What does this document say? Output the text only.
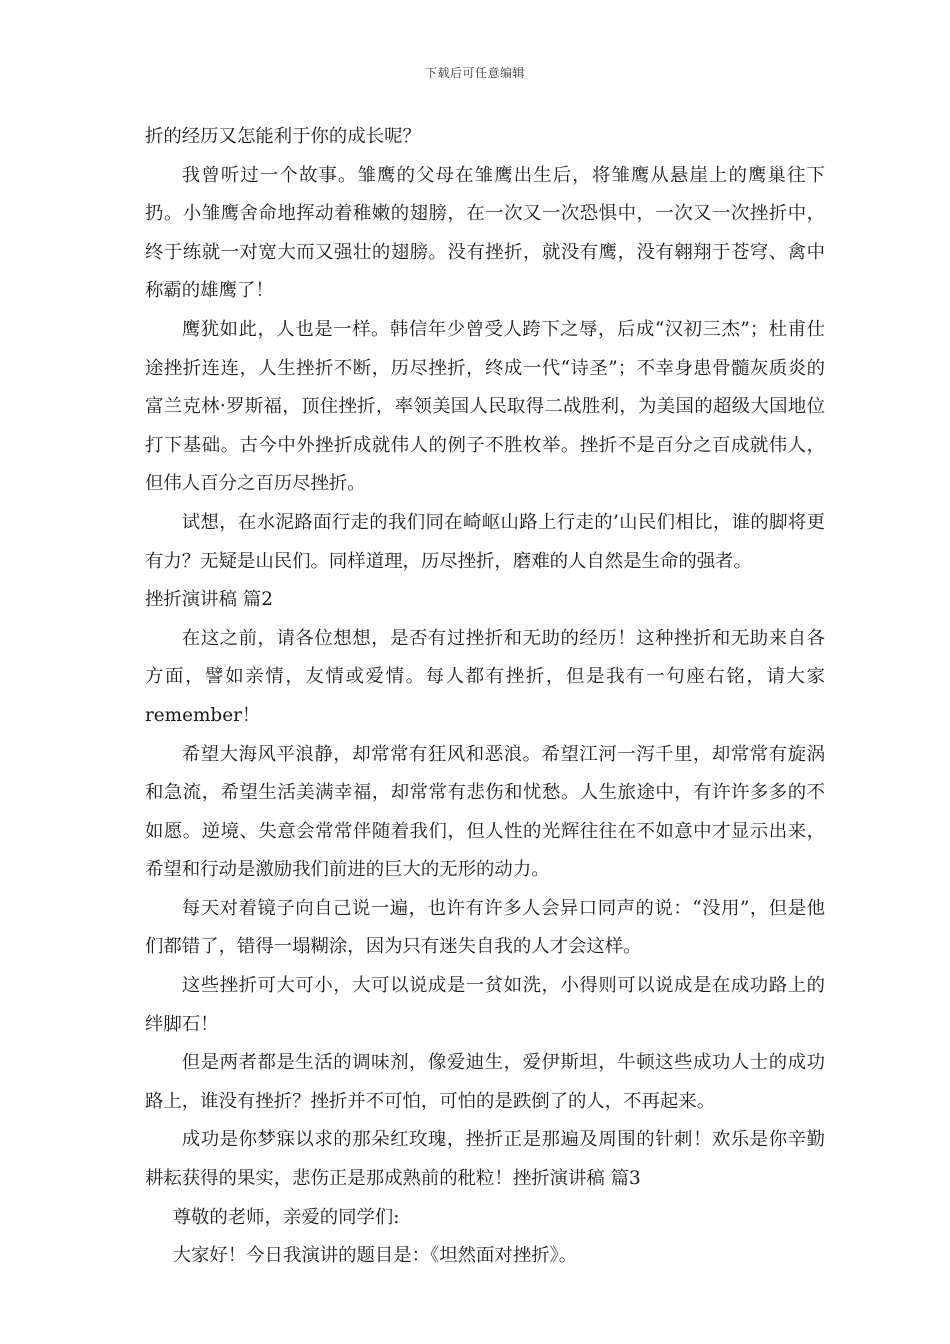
下载后可任意编辑

折的经历又怎能利于你的成长呢？

我曾听过一个故事。雏鹰的父母在雏鹰出生后，将雏鹰从悬崖上的鹰巢往下扔。小雏鹰舍命地挥动着稚嫩的翅膀，在一次又一次恐惧中，一次又一次挫折中，终于练就一对宽大而又强壮的翅膀。没有挫折，就没有鹰，没有翱翔于苍穹、禽中称霸的雄鹰了！

鹰犹如此，人也是一样。韩信年少曾受人跨下之辱，后成“汉初三杰”；杜甫仕途挫折连连，人生挫折不断，历尽挫折，终成一代“诗圣”；不幸身患骨髓灰质炎的富兰克林·罗斯福，顶住挫折，率领美国人民取得二战胜利，为美国的超级大国地位打下基础。古今中外挫折成就伟人的例子不胜枚举。挫折不是百分之百成就伟人，但伟人百分之百历尽挫折。

试想，在水泥路面行走的我们同在崎岖山路上行走的’山民们相比，谁的脚将更有力？无疑是山民们。同样道理，历尽挫折，磨难的人自然是生命的强者。

挫折演讲稿 篇2

在这之前，请各位想想，是否有过挫折和无助的经历！这种挫折和无助来自各方面，譬如亲情，友情或爱情。每人都有挫折，但是我有一句座右铭，请大家remember！

希望大海风平浪静，却常常有狂风和恶浪。希望江河一泻千里，却常常有旋涡和急流，希望生活美满幸福，却常常有悲伤和忧愁。人生旅途中，有许许多多的不如愿。逆境、失意会常常伴随着我们，但人性的光辉往往在不如意中才显示出来，希望和行动是激励我们前进的巨大的无形的动力。

每天对着镜子向自己说一遍，也许有许多人会异口同声的说：“没用”，但是他们都错了，错得一塌糊涂，因为只有迷失自我的人才会这样。

这些挫折可大可小，大可以说成是一贫如洗，小得则可以说成是在成功路上的绊脚石！

但是两者都是生活的调味剂，像爱迪生，爱伊斯坦，牛顿这些成功人士的成功路上，谁没有挫折？挫折并不可怕，可怕的是跌倒了的人，不再起来。

成功是你梦寐以求的那朵红玫瑰，挫折正是那遍及周围的针刺！欢乐是你辛勤耕耘获得的果实，悲伤正是那成熟前的秕粒！挫折演讲稿 篇3

尊敬的老师，亲爱的同学们:

大家好！今日我演讲的题目是：《坦然面对挫折》。
